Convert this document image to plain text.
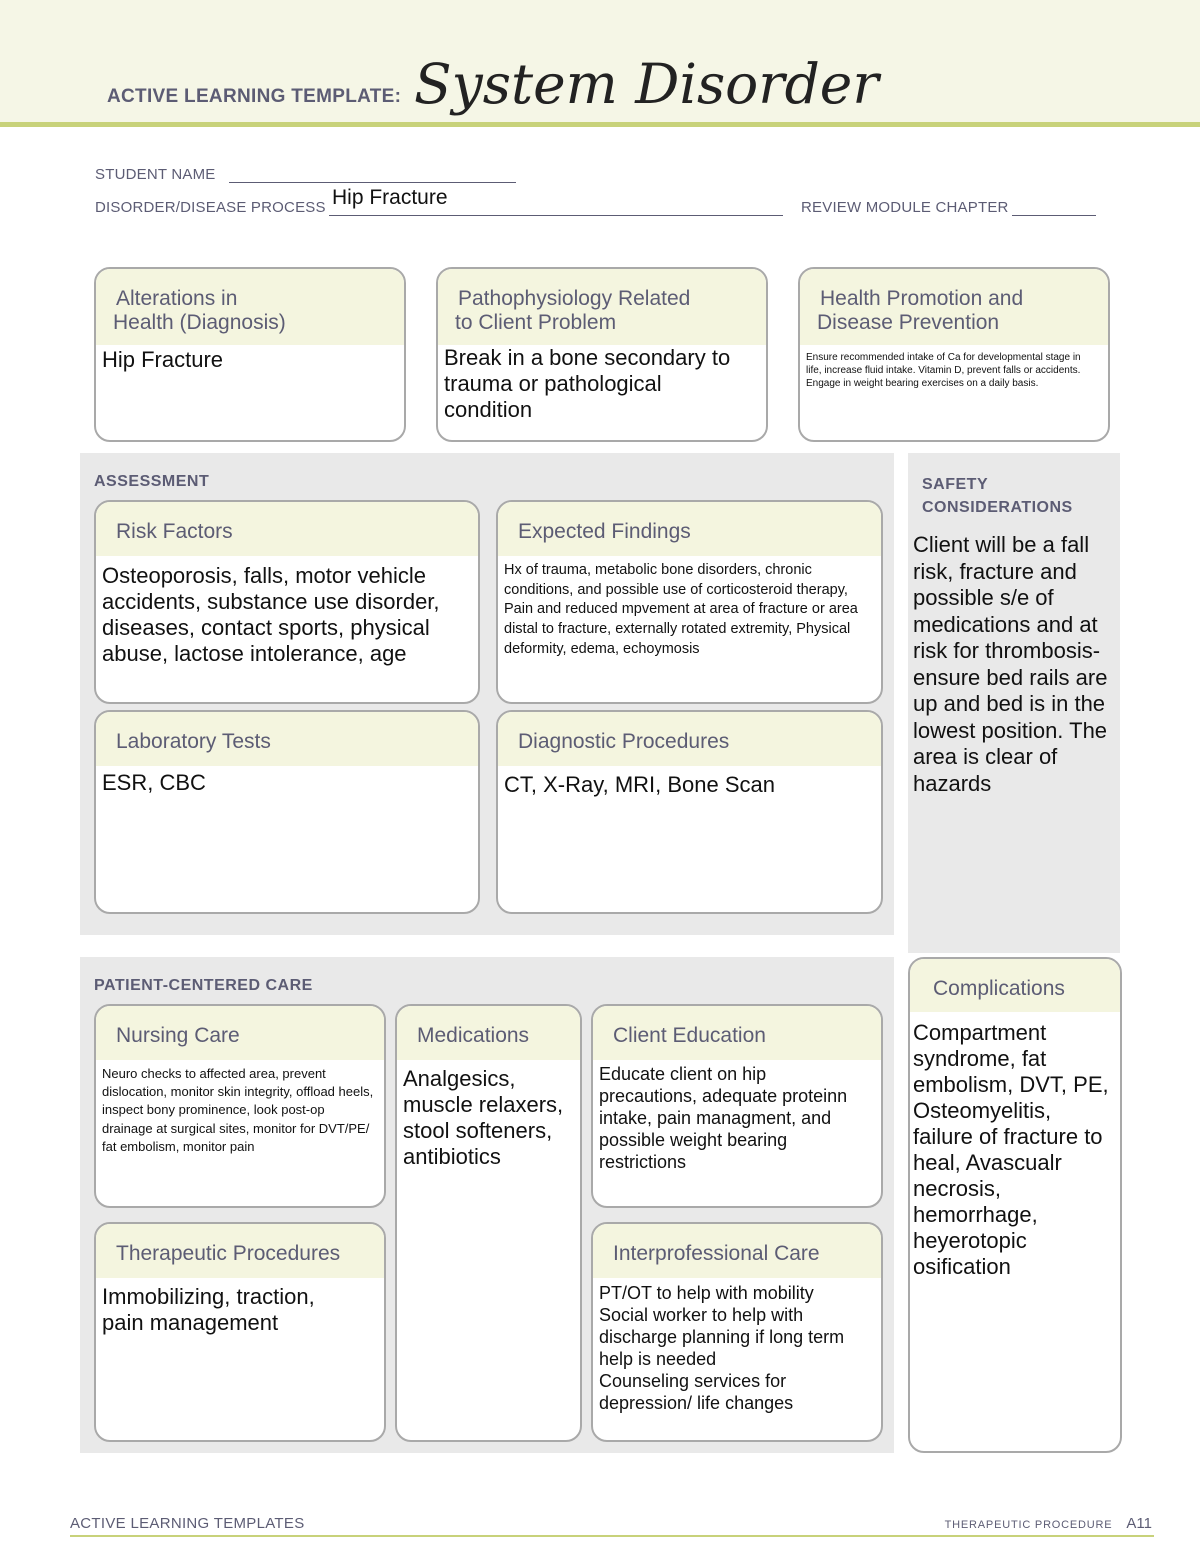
ACTIVE LEARNING TEMPLATE: System Disorder
STUDENT NAME
DISORDER/DISEASE PROCESS Hip Fracture	REVIEW MODULE CHAPTER
Alterations in
Health (Diagnosis)
Hip Fracture
Pathophysiology Related
to Client Problem
Break in a bone secondary to trauma or pathological condition
Health Promotion and
Disease Prevention
Ensure recommended intake of Ca for developmental stage in life, increase fluid intake. Vitamin D, prevent falls or accidents. Engage in weight bearing exercises on a daily basis.
ASSESSMENT
Risk Factors
Osteoporosis, falls, motor vehicle accidents, substance use disorder, diseases, contact sports, physical abuse, lactose intolerance, age
Expected Findings
Hx of trauma, metabolic bone disorders, chronic conditions, and possible use of corticosteroid therapy, Pain and reduced mpvement at area of fracture or area distal to fracture, externally rotated extremity, Physical deformity, edema, echoymosis
Laboratory Tests
ESR, CBC
Diagnostic Procedures
CT, X-Ray, MRI, Bone Scan
SAFETY
CONSIDERATIONS
Client will be a fall risk, fracture and possible s/e of medications and at risk for thrombosis- ensure bed rails are up and bed is in the lowest position. The area is clear of hazards
PATIENT-CENTERED CARE
Nursing Care
Neuro checks to affected area, prevent dislocation, monitor skin integrity, offload heels, inspect bony prominence, look post-op drainage at surgical sites, monitor for DVT/PE/ fat embolism, monitor pain
Medications
Analgesics, muscle relaxers, stool softeners, antibiotics
Client Education
Educate client on hip precautions, adequate proteinn intake, pain managment, and possible weight bearing restrictions
Therapeutic Procedures
Immobilizing, traction, pain management
Interprofessional Care
PT/OT to help with mobility
Social worker to help with discharge planning if long term help is needed
Counseling services for depression/ life changes
Complications
Compartment syndrome, fat embolism, DVT, PE, Osteomyelitis, failure of fracture to heal, Avascualr necrosis, hemorrhage, heyerotopic osification
ACTIVE LEARNING TEMPLATES	THERAPEUTIC PROCEDURE A11
